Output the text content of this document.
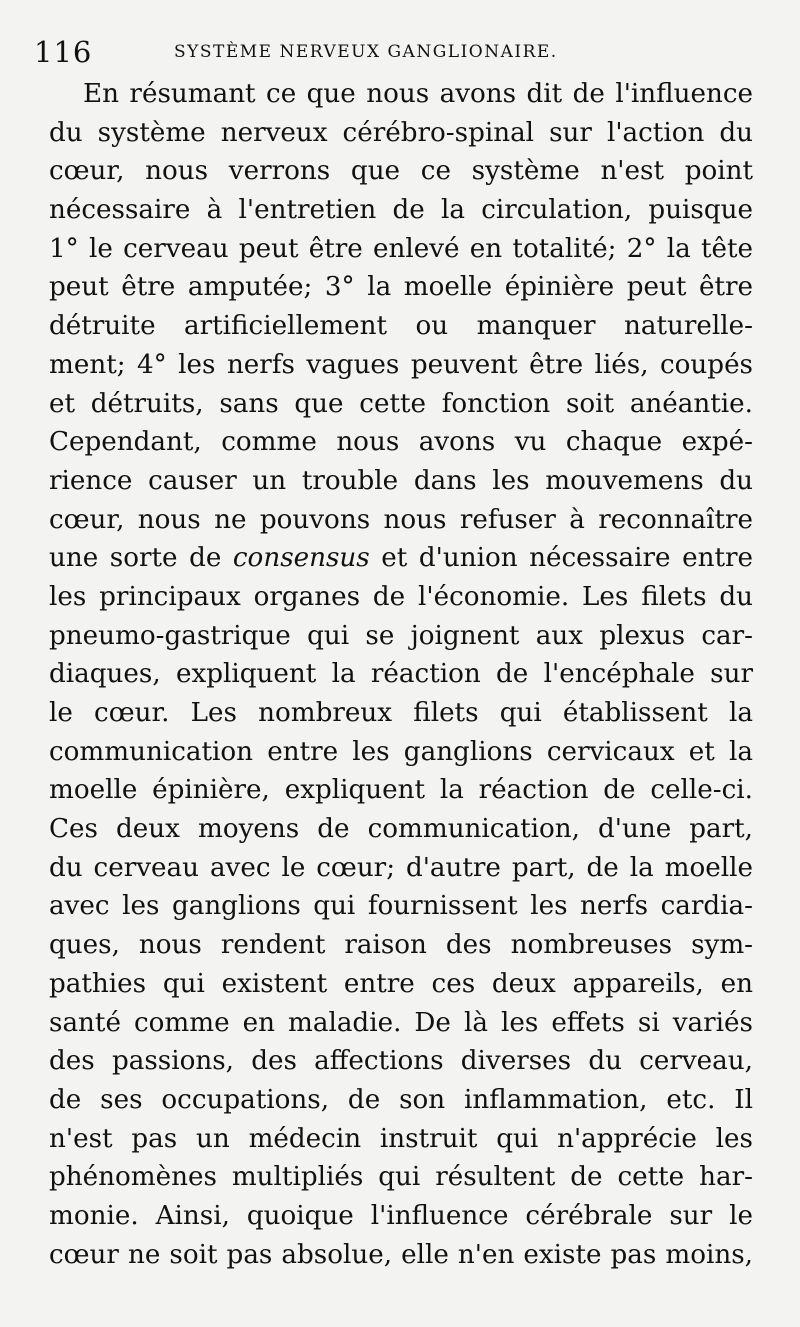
116	SYSTÈME NERVEUX GANGLIONAIRE.
En résumant ce que nous avons dit de l'influence
du système nerveux cérébro-spinal sur l'action du
cœur, nous verrons que ce système n'est point
nécessaire à l'entretien de la circulation, puisque
1° le cerveau peut être enlevé en totalité; 2° la tête
peut être amputée; 3° la moelle épinière peut être
détruite artificiellement ou manquer naturelle-
ment; 4° les nerfs vagues peuvent être liés, coupés
et détruits, sans que cette fonction soit anéantie.
Cependant, comme nous avons vu chaque expé-
rience causer un trouble dans les mouvemens du
cœur, nous ne pouvons nous refuser à reconnaître
une sorte de consensus et d'union nécessaire entre
les principaux organes de l'économie. Les filets du
pneumo-gastrique qui se joignent aux plexus car-
diaques, expliquent la réaction de l'encéphale sur
le cœur. Les nombreux filets qui établissent la
communication entre les ganglions cervicaux et la
moelle épinière, expliquent la réaction de celle-ci.
Ces deux moyens de communication, d'une part,
du cerveau avec le cœur; d'autre part, de la moelle
avec les ganglions qui fournissent les nerfs cardia-
ques, nous rendent raison des nombreuses sym-
pathies qui existent entre ces deux appareils, en
santé comme en maladie. De là les effets si variés
des passions, des affections diverses du cerveau,
de ses occupations, de son inflammation, etc. Il
n'est pas un médecin instruit qui n'apprécie les
phénomènes multipliés qui résultent de cette har-
monie. Ainsi, quoique l'influence cérébrale sur le
cœur ne soit pas absolue, elle n'en existe pas moins,
